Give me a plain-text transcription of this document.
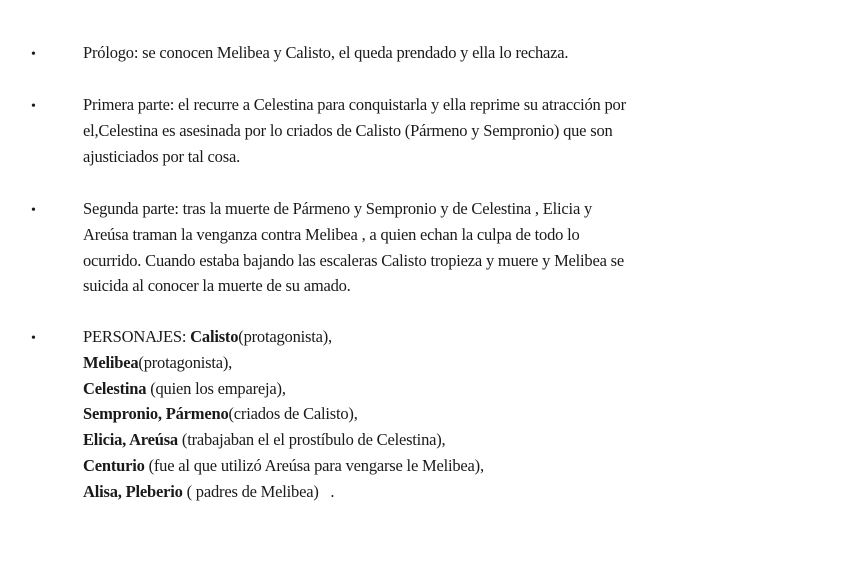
•	Prólogo: se conocen Melibea y Calisto, el queda prendado y ella lo rechaza.
•	Primera parte: el recurre a Celestina para conquistarla y ella reprime su atracción por
el,Celestina es asesinada por lo criados de Calisto (Pármeno y Sempronio) que son
ajusticiados por tal cosa.
•	Segunda parte: tras la muerte de Pármeno y Sempronio y de Celestina , Elicia y
Areúsa traman la venganza contra Melibea , a quien echan la culpa de todo lo
ocurrido. Cuando estaba bajando las escaleras Calisto tropieza y muere y Melibea se
suicida al conocer la muerte de su amado.
•	PERSONAJES: Calisto(protagonista),
Melibea(protagonista),
Celestina (quien los empareja),
Sempronio, Pármeno(criados de Calisto),
Elicia, Areúsa (trabajaban el el prostíbulo de Celestina),
Centurio (fue al que utilizó Areúsa para vengarse le Melibea),
Alisa, Pleberio ( padres de Melibea)   .
